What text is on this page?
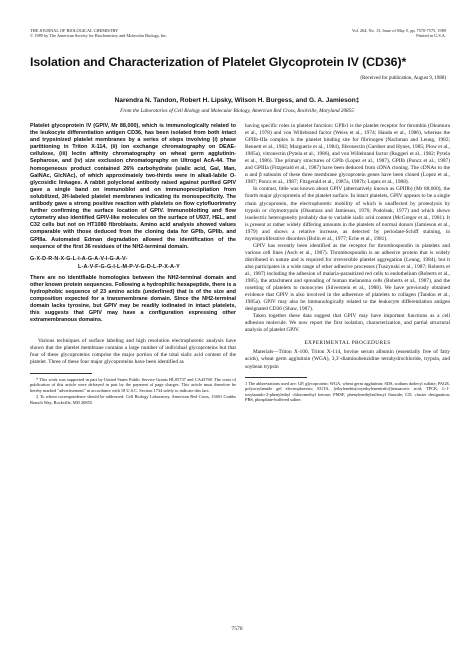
THE JOURNAL OF BIOLOGICAL CHEMISTRY
© 1989 by The American Society for Biochemistry and Molecular Biology, Inc.
Vol. 264, No. 13, Issue of May 5, pp. 7570-7575, 1989
Printed in U.S.A.
Isolation and Characterization of Platelet Glycoprotein IV (CD36)*
(Received for publication, August 9, 1988)
Narendra N. Tandon, Robert H. Lipsky, Wilson H. Burgess, and G. A. Jamieson‡
From the Laboratories of Cell Biology and Molecular Biology, American Red Cross, Rockville, Maryland 20855

Platelet glycoprotein IV (GPIV, Mr 88,000), which is immunologically related to the leukocyte differentiation antigen CD36, has been isolated from both intact and trypsinized platelet membranes by a series of steps involving (i) phase partitioning in Triton X-114, (ii) ion exchange chromatography on DEAE-cellulose, (iii) lectin affinity chromatography on wheat germ agglutinin-Sepharose, and (iv) size exclusion chromatography on Ultrogel AcA-44. The homogeneous product contained 26% carbohydrate (sialic acid, Gal, Man, GalNAc, GlcNAc), of which approximately two-thirds were in alkali-labile O-glycosidic linkages. A rabbit polyclonal antibody raised against purified GPIV gave a single band on immunoblot and on immunoprecipitation from solubilized, 3H-labeled platelet membranes indicating its monospecificity. The antibody gave a strong positive reaction with platelets on flow cytofluorimetry further confirming the surface location of GPIV. Immunoblotting and flow cytometry also identified GPIV-like molecules on the surface of U937, HEL, and C32 cells but not on HT1080 fibroblasts. Amino acid analysis showed values comparable with those deduced from the cloning data for GPIb, GPIIb, and GPIIIa. Automated Edman degradation allowed the identification of the sequence of the first 36 residues of the NH2-terminal domain.

G-X-D-R-N-X-G-L-I-A-G-A-V-I-G-A-V-
L-A-V-F-G-G-I-L-M-P-V-G-D-L-P-X-A-Y

There are no identifiable homologies between the NH2-terminal domain and other known protein sequences. Following a hydrophilic hexapeptide, there is a hydrophobic sequence of 23 amino acids (underlined) that is of the size and composition expected for a transmembrane domain. Since the NH2-terminal domain lacks tyrosine, but GPIV may be readily iodinated in intact platelets, this suggests that GPIV may have a configuration expressing other extramembranous domains.

Various techniques of surface labeling and high resolution electrophoretic analysis have shown that the platelet membrane contains a large number of individual glycoproteins but that four of these glycoproteins comprise the major portion of the total sialic acid content of the platelet. Three of these four major glycoproteins have been identified as

* This work was supported in part by United States Public Service Grants HL05737 and CA43768. The costs of publication of this article were defrayed in part by the payment of page charges. This article must therefore be hereby marked "advertisement" in accordance with 18 U.S.C. Section 1734 solely to indicate this fact.

‡ To whom correspondence should be addressed: Cell Biology Laboratory, American Red Cross, 15601 Crabbs Branch Way, Rockville, MD 20855.

having specific roles in platelet function: GPIb1 is the platelet receptor for thrombin (Okumura et al., 1978) and von Willebrand factor (Weiss et al., 1974; Handa et al., 1986), whereas the GPIIb-IIIa complex is the platelet binding site for fibrinogen (Nachman and Leung, 1982; Bennett et al., 1982; Marguerie et al., 1984), fibronectin (Gardner and Hynes, 1985; Plow et al., 1985a), vitronectin (Pytela et al., 1986), and von Willebrand factor (Ruggeri et al., 1982; Pytela et al., 1986). The primary structures of GPIb (Lopez et al., 1987), GPIIb (Poncz et al., 1987) and GPIIIa (Fitzgerald et al., 1987) have been deduced from cDNA cloning. The cDNAs to the α and β subunits of these three membrane glycoprotein genes have been cloned (Lopez et al., 1987; Poncz et al., 1987; Fitzgerald et al., 1987a, 1987b; Lopez et al., 1988).

In contrast, little was known about GPIV (alternatively known as GPIIIb) (Mr 88,000), the fourth major glycoprotein of the platelet surface. In intact platelets, GPIV appears to be a single chain glycoprotein, the electrophoretic mobility of which is unaffected by proteolysis by trypsin or chymotrypsin (Okumura and Jamieson, 1976; Podolsak, 1977) and which shows isoelectric heterogeneity probably due to variable sialic acid content (McGregor et al., 1981). It is present at rather widely differing amounts in the platelets of normal donors (Jamieson et al., 1979) and shows a relative increase, as detected by periodate-Schiff staining, in myeloproliferative disorders (Bolin et al., 1977; Eche et al., 1981).

GPIV has recently been identified as the receptor for thrombospondin in platelets and various cell lines (Asch et al., 1987). Thrombospondin is an adhesive protein that is widely distributed in nature and is required for irreversible platelet aggregation (Leung, 1984), but it also participates in a wide range of other adhesive processes (Tuszynski et al., 1987; Roberts et al., 1987) including the adhesion of malaria-parasitized red cells to endothelium (Roberts et al., 1985), the attachment and spreading of human melanoma cells (Roberts et al., 1987), and the rosetting of platelets to monocytes (Silverstein et al., 1988). We have previously obtained evidence that GPIV is also involved in the adherence of platelets to collagen (Tandon et al., 1985a). GPIV may also be immunologically related to the leukocyte differentiation antigen designated CD36 (Shaw, 1987).

Taken together these data suggest that GPIV may have important functions as a cell adhesion molecule. We now report the first isolation, characterization, and partial structural analysis of platelet GPIV.

EXPERIMENTAL PROCEDURES

Materials—Triton X-100, Triton X-114, bovine serum albumin (essentially free of fatty acids), wheat germ agglutinin (WGA), 3,3'-diaminobenzidine tetrahydrochloride, trypsin, and soybean trypsin

1 The abbreviations used are: GP, glycoprotein; WGA, wheat germ agglutinin; SDS, sodium dodecyl sulfate; PAGE, polyacrylamide gel electrophoresis; EGTA, [ethylenebis(oxyethylenenitrilo)]tetraacetic acid; TPCK, L-1-tosylamido-2-phenylethyl chloromethyl ketone; PMSF, phenylmethylsulfonyl fluoride; CD, cluster designation; PBS, phosphate-buffered saline.
7570
